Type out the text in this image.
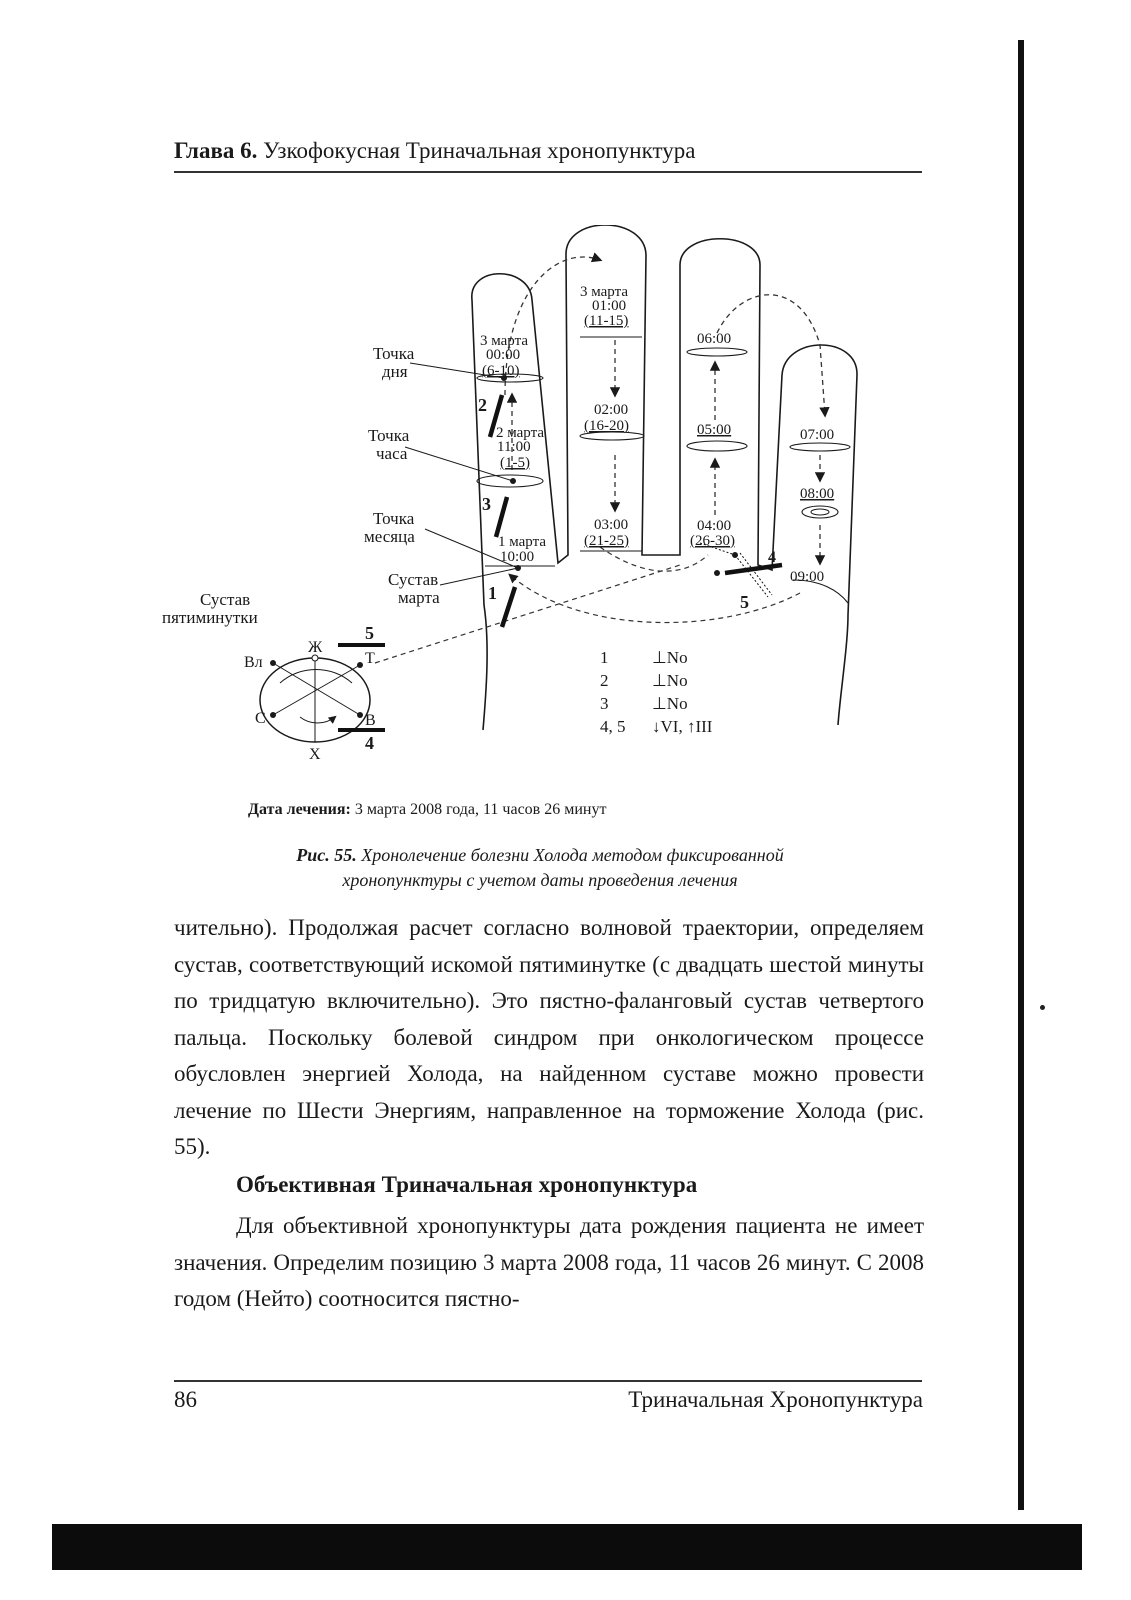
Глава 6. Узкофокусная Триначальная хронопунктура
1
2
3
4
5
Точка
дня
Точка
часа
Точка
месяца
Сустав
марта
Сустав
пятиминутки
3 марта
00:00
(6-10)
2 марта
11:00
(1-5)
1 марта
10:00
3 марта
01:00
(11-15)
02:00
(16-20)
03:00
(21-25)
06:00
05:00
04:00
(26-30)
07:00
08:00
09:00
Ж
Х
Вл	Т
С	В
5
4
1	⊥No
2	⊥No
3	⊥No
4, 5 ↓VI, ↑III
Дата лечения: 3 марта 2008 года, 11 часов 26 минут
Рис. 55. Хронолечение болезни Холода методом фиксированной
хронопунктуры с учетом даты проведения лечения

чительно). Продолжая расчет согласно волновой траектории, определяем сустав, соответствующий искомой пятиминутке (с двадцать шестой минуты по тридцатую включительно). Это пястно-фаланговый сустав четвертого пальца. Поскольку болевой синдром при онкологическом процессе обусловлен энергией Холода, на найденном суставе можно провести лечение по Шести Энергиям, направленное на торможение Холода (рис. 55).

Объективная Триначальная хронопунктура
Для объективной хронопунктуры дата рождения пациента не имеет значения. Определим позицию 3 марта 2008 года, 11 часов 26 минут. С 2008 годом (Нейто) соотносится пястно-
86	Триначальная Хронопунктура
